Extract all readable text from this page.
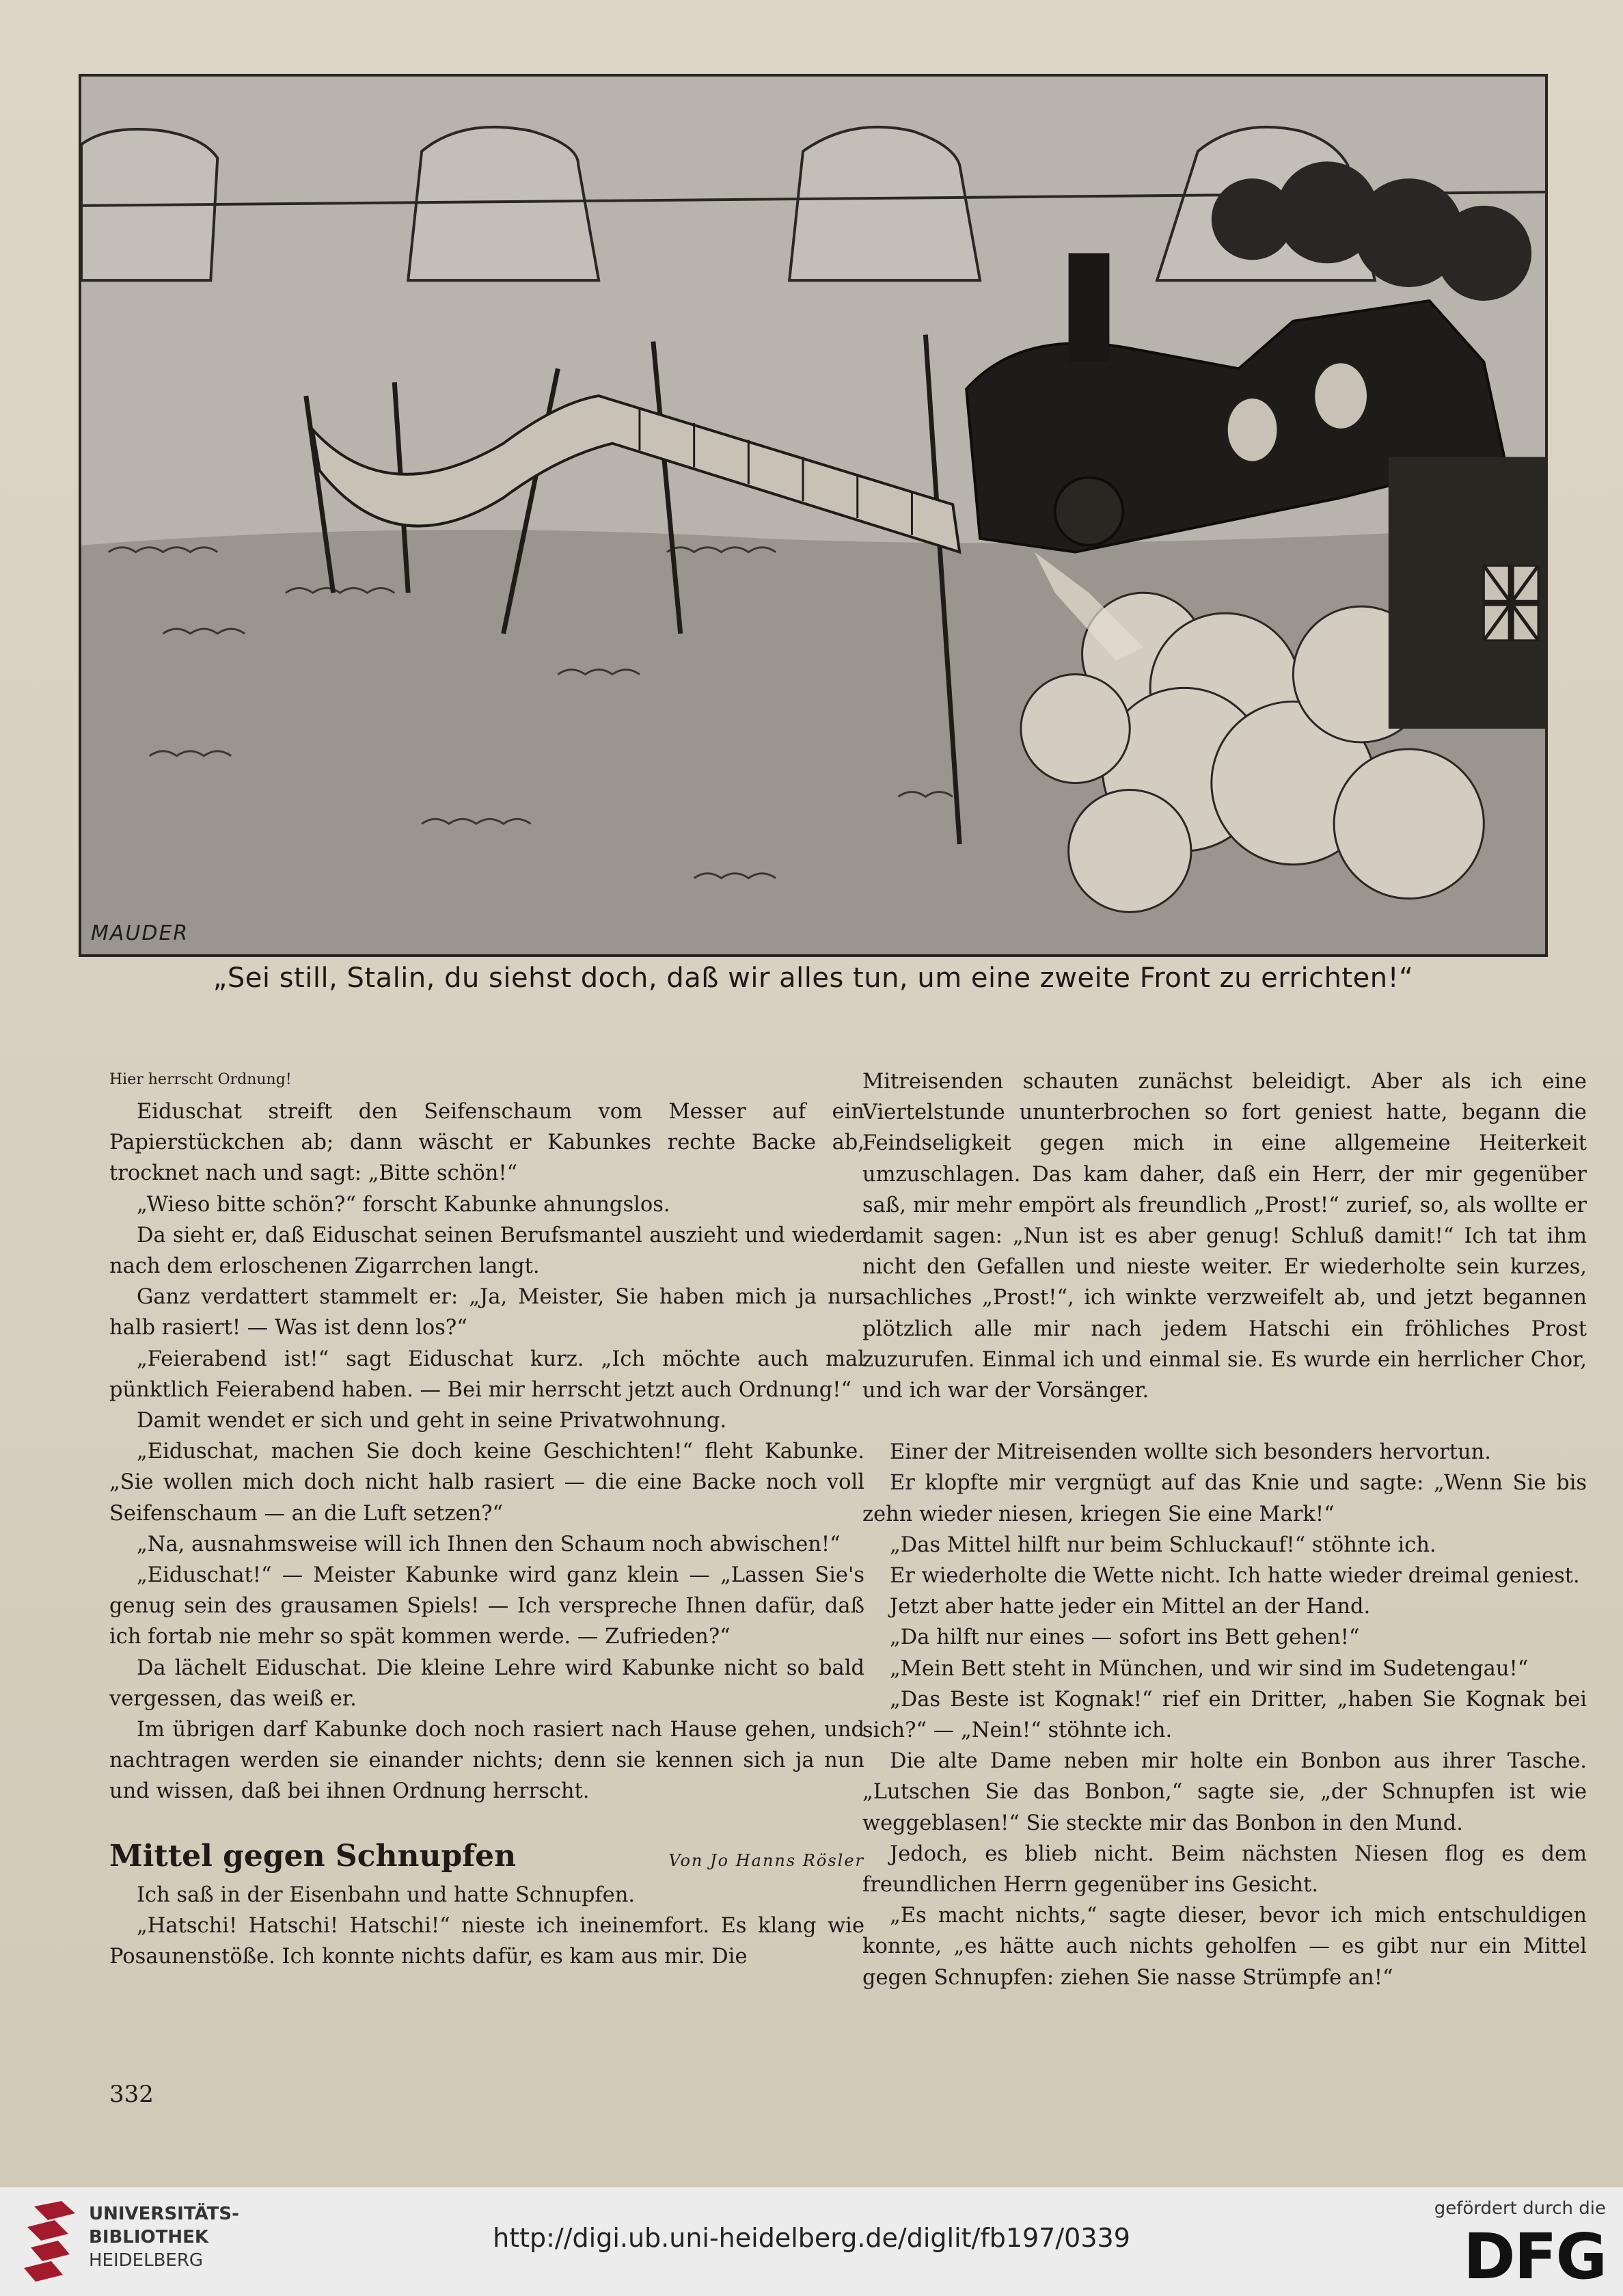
MAUDER
„Sei still, Stalin, du siehst doch, daß wir alles tun, um eine zweite Front zu errichten!“

Hier herrscht Ordnung!

Eiduschat streift den Seifenschaum vom Messer auf ein Papierstückchen ab; dann wäscht er Kabunkes rechte Backe ab, trocknet nach und sagt: „Bitte schön!“

„Wieso bitte schön?“ forscht Kabunke ahnungslos.

Da sieht er, daß Eiduschat seinen Berufsmantel auszieht und wieder nach dem erloschenen Zigarrchen langt.

Ganz verdattert stammelt er: „Ja, Meister, Sie haben mich ja nur halb rasiert! — Was ist denn los?“

„Feierabend ist!“ sagt Eiduschat kurz. „Ich möchte auch mal pünktlich Feierabend haben. — Bei mir herrscht jetzt auch Ordnung!“

Damit wendet er sich und geht in seine Privatwohnung.

„Eiduschat, machen Sie doch keine Geschichten!“ fleht Kabunke. „Sie wollen mich doch nicht halb rasiert — die eine Backe noch voll Seifenschaum — an die Luft setzen?“

„Na, ausnahmsweise will ich Ihnen den Schaum noch abwischen!“

„Eiduschat!“ — Meister Kabunke wird ganz klein — „Lassen Sie's genug sein des grausamen Spiels! — Ich verspreche Ihnen dafür, daß ich fortab nie mehr so spät kommen werde. — Zufrieden?“

Da lächelt Eiduschat. Die kleine Lehre wird Kabunke nicht so bald vergessen, das weiß er.

Im übrigen darf Kabunke doch noch rasiert nach Hause gehen, und nachtragen werden sie einander nichts; denn sie kennen sich ja nun und wissen, daß bei ihnen Ordnung herrscht.

Mittel gegen Schnupfen	Von Jo Hanns Rösler

Ich saß in der Eisenbahn und hatte Schnupfen.

„Hatschi! Hatschi! Hatschi!“ nieste ich ineinemfort. Es klang wie Posaunenstöße. Ich konnte nichts dafür, es kam aus mir. Die

332

Mitreisenden schauten zunächst beleidigt. Aber als ich eine Viertelstunde ununterbrochen so fort geniest hatte, begann die Feindseligkeit gegen mich in eine allgemeine Heiterkeit umzuschlagen. Das kam daher, daß ein Herr, der mir gegenüber saß, mir mehr empört als freundlich „Prost!“ zurief, so, als wollte er damit sagen: „Nun ist es aber genug! Schluß damit!“ Ich tat ihm nicht den Gefallen und nieste weiter. Er wiederholte sein kurzes, sachliches „Prost!“, ich winkte verzweifelt ab, und jetzt begannen plötzlich alle mir nach jedem Hatschi ein fröhliches Prost zuzurufen. Einmal ich und einmal sie. Es wurde ein herrlicher Chor, und ich war der Vorsänger.

Einer der Mitreisenden wollte sich besonders hervortun.

Er klopfte mir vergnügt auf das Knie und sagte: „Wenn Sie bis zehn wieder niesen, kriegen Sie eine Mark!“

„Das Mittel hilft nur beim Schluckauf!“ stöhnte ich.

Er wiederholte die Wette nicht. Ich hatte wieder dreimal geniest.

Jetzt aber hatte jeder ein Mittel an der Hand.

„Da hilft nur eines — sofort ins Bett gehen!“

„Mein Bett steht in München, und wir sind im Sudetengau!“

„Das Beste ist Kognak!“ rief ein Dritter, „haben Sie Kognak bei sich?“ — „Nein!“ stöhnte ich.

Die alte Dame neben mir holte ein Bonbon aus ihrer Tasche. „Lutschen Sie das Bonbon,“ sagte sie, „der Schnupfen ist wie weggeblasen!“ Sie steckte mir das Bonbon in den Mund.

Jedoch, es blieb nicht. Beim nächsten Niesen flog es dem freundlichen Herrn gegenüber ins Gesicht.

„Es macht nichts,“ sagte dieser, bevor ich mich entschuldigen konnte, „es hätte auch nichts geholfen — es gibt nur ein Mittel gegen Schnupfen: ziehen Sie nasse Strümpfe an!“

UNIVERSITÄTS-
BIBLIOTHEK
HEIDELBERG
http://digi.ub.uni-heidelberg.de/diglit/fb197/0339
gefördert durch die
DFG
